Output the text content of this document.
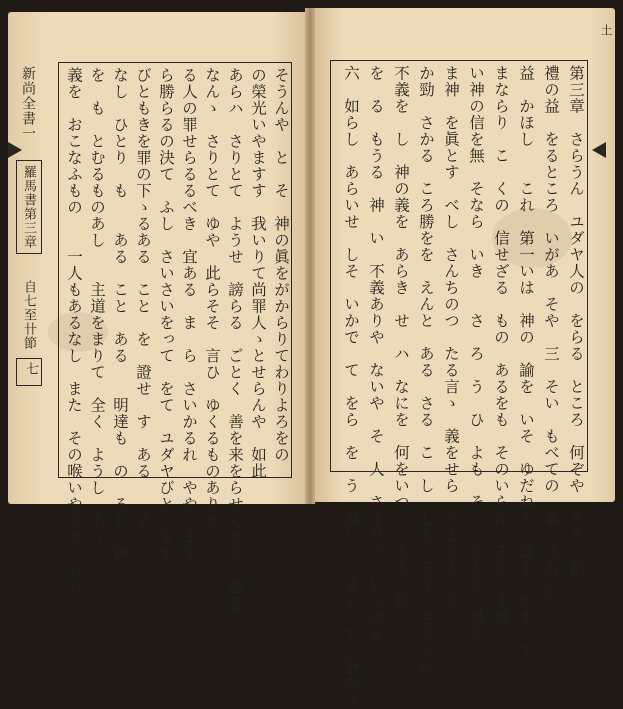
新尚全書一
羅馬書第三章
自七至卄節
七	そうんや　と　そ　神の眞をがからりてわりよろをの
の榮光いやますす　我いりて尚罪人ゝとせらんや　如此
あらハ　さりとて　ようせ　謗らる　ごとく　善を来をらせんとて　惡を
なんゝ　さりとて　ゆや　此らそそ　言ひ　ゆくるものありか
る人の罪せらるるべき　宜ある　ま　ら　さいかるれ　やや　まを
ら勝らるの決て　ふし　さいさいをって　をて　ユダヤびと　をす
びともきを罪の下ゝるある　こと　を　證せ　す　ある　　そ
なし　ひとり　も　　ある　こと　ある　　明達も　の　るし　神
を　も　とむるものあし　　主道をまりて　全く　ようし　あり
義を　おこなふもの　　一人もあるなし　また　その喉いやあき　しし	第三章　さらうん　ユダヤ人の　をらる　ところ　何ぞや　そそ　割
禮の益　をるところ　いがあ　そや　三　そい　もべての　事　さおいて
益　かほし　　これ　第一いは　神の　諭を　いそ　ゆだねる　証を　たまへて
まならり　こ　くの　信せざる　もの　あるをも　そのいらん　その　不信
い神の信を無　そなら　いき　　さ　ろ　う　ひ　よも　そ　　の人や　僞を
ま神　を眞とす　べし　さんちのつ　たる言ゝ　義をせら　そまなん　ら
か勁　さかる　ころ勝をを　えんと　ある　さる　こ　し　しか　るを　さるうが
不義を　し　神の義を　あらき　せ　ハ　なにを　何をいつへ　きる　怒
を　る　もうる　神　い　不義ありや　ないや　そ　人　さまりて　いふのを
六　如らし　あらいせ　しそ　いかで　て　をら　を　う　神いつ　まし　て　世をさ
土
